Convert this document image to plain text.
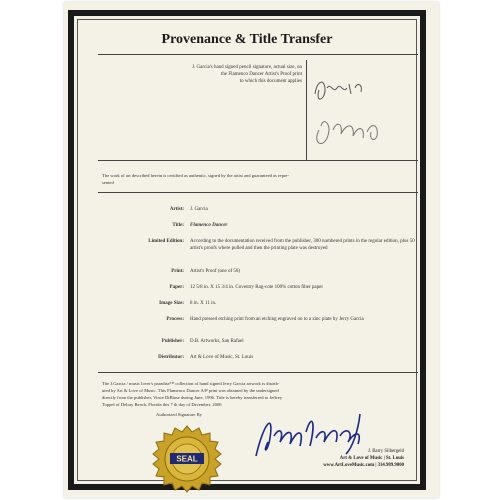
Provenance & Title Transfer
J. Garcia's hand signed pencil signature, actual size, on
the Flamenco Dancer Artist's Proof print
to which this document applies
The work of art described herein is certified as authentic, signed by the artist and guaranteed as repre-
sented
Artist: J. Garcia
Title: Flamenco Dancer
Limited Edition: According to the documentation received from the publisher, 300 numbered prints in the regular edition, plus 50 artist's proofs where pulled and then the printing plate was destroyed
Print: Artist's Proof (one of 50)
Paper: 12 5/8 in. X 15 3/4 in. Coventry Rag-cote 100% cotton fiber paper
Image Size: 8 in. X 11 in.
Process: Hand pressed etching print from an etching engraved on to a zinc plate by Jerry Garcia
Publisher: D.B. Artworks, San Rafael
Distributor: Art & Love of Music, St. Louis
The J.Garcia / music lover's paradise™ collection of hand signed Jerry Garcia artwork is distrib-
uted by Art & Love of Music. This Flamenco Dancer A/P print was obtained by the undersigned
directly from the publisher, Vince DiBiase during June, 1996. Title is hereby transferred to Jeffrey
Toppel of Delray Beach, Florida this 7 th day of December, 2006
Authorized Signature By
SEAL
J. Barry Silbergeld
Art & Love of Music | St. Louis
www.ArtLoveMusic.com | 314.989.9000
